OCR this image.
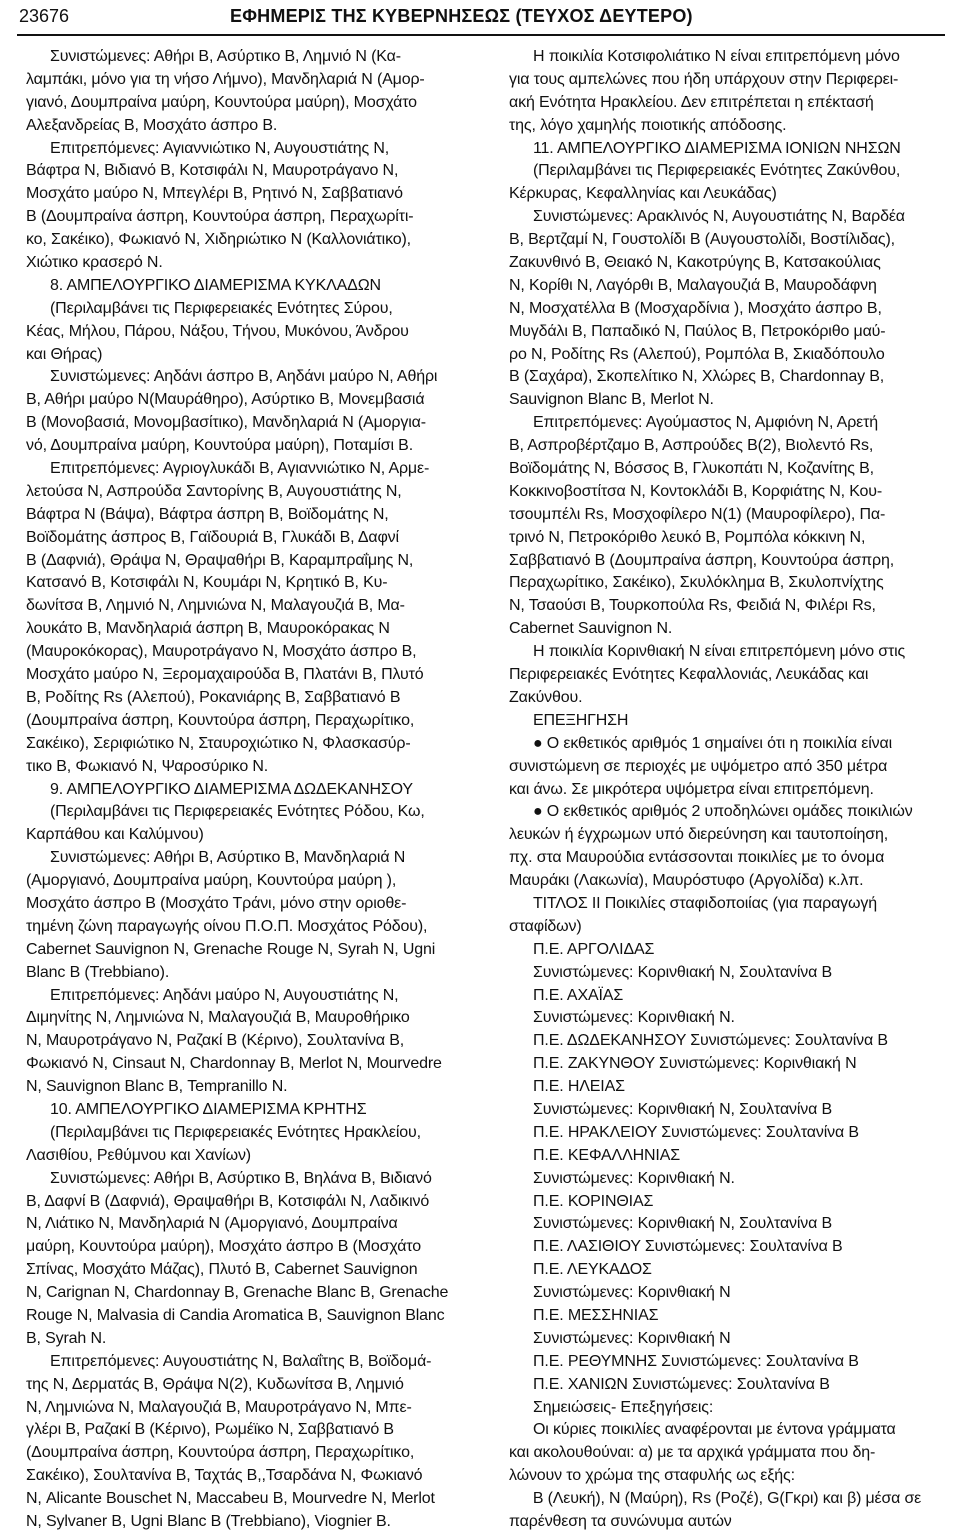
23676	ΕΦΗΜΕΡΙΣ ΤΗΣ ΚΥΒΕΡΝΗΣΕΩΣ (ΤΕΥΧΟΣ ΔΕΥΤΕΡΟ)
Συνιστώμενες: Αθήρι Β, Ασύρτικο Β, Λημνιό Ν (Κα-
λαμπάκι, μόνο για τη νήσο Λήμνο), Μανδηλαριά Ν (Αμορ-
γιανό, Δουμπραίνα μαύρη, Κουντούρα μαύρη), Μοσχάτο
Αλεξανδρείας Β, Μοσχάτο άσπρο Β.
Επιτρεπόμενες: Αγιαννιώτικο Ν, Αυγουστιάτης Ν,
Βάφτρα Ν, Βιδιανό Β, Κοτσιφάλι Ν, Μαυροτράγανο Ν,
Μοσχάτο μαύρο Ν, Μπεγλέρι Β, Ρητινό Ν, Σαββατιανό
Β (Δουμπραίνα άσπρη, Κουντούρα άσπρη, Περαχωρίτι-
κο, Σακέικο), Φωκιανό Ν, Χιδηριώτικο Ν (Καλλονιάτικο),
Χιώτικο κρασερό Ν.
8. ΑΜΠΕΛΟΥΡΓΙΚΟ ΔΙΑΜΕΡΙΣΜΑ ΚΥΚΛΑΔΩΝ
(Περιλαμβάνει τις Περιφερειακές Ενότητες Σύρου,
Κέας, Μήλου, Πάρου, Νάξου, Τήνου, Μυκόνου, Άνδρου
και Θήρας)
Συνιστώμενες: Αηδάνι άσπρο Β, Αηδάνι μαύρο Ν, Αθήρι
Β, Αθήρι μαύρο Ν(Μαυράθηρο), Ασύρτικο Β, Μονεμβασιά
Β (Μονοβασιά, Μονομβασίτικο), Μανδηλαριά Ν (Αμοργια-
νό, Δουμπραίνα μαύρη, Κουντούρα μαύρη), Ποταμίσι Β.
Επιτρεπόμενες: Αγριογλυκάδι Β, Αγιαννιώτικο Ν, Αρμε-
λετούσα Ν, Ασπρούδα Σαντορίνης Β, Αυγουστιάτης Ν,
Βάφτρα Ν (Βάψα), Βάφτρα άσπρη Β, Βοϊδομάτης Ν,
Βοϊδομάτης άσπρος Β, Γαϊδουριά Β, Γλυκάδι Β, Δαφνί
Β (Δαφνιά), Θράψα Ν, Θραψαθήρι Β, Καραμπραΐμης Ν,
Κατσανό Β, Κοτσιφάλι Ν, Κουμάρι Ν, Κρητικό Β, Κυ-
δωνίτσα Β, Λημνιό Ν, Λημνιώνα Ν, Μαλαγουζιά Β, Μα-
λουκάτο Β, Μανδηλαριά άσπρη Β, Μαυροκόρακας Ν
(Μαυροκόκορας), Μαυροτράγανο Ν, Μοσχάτο άσπρο Β,
Μοσχάτο μαύρο Ν, Ξερομαχαιρούδα Β, Πλατάνι Β, Πλυτό
Β, Ροδίτης Rs (Αλεπού), Ροκανιάρης Β, Σαββατιανό Β
(Δουμπραίνα άσπρη, Κουντούρα άσπρη, Περαχωρίτικο,
Σακέικο), Σεριφιώτικο Ν, Σταυροχιώτικο Ν, Φλασκασύρ-
τικο Β, Φωκιανό Ν, Ψαροσύρικο Ν.
9. ΑΜΠΕΛΟΥΡΓΙΚΟ ΔΙΑΜΕΡΙΣΜΑ ΔΩΔΕΚΑΝΗΣΟΥ
(Περιλαμβάνει τις Περιφερειακές Ενότητες Ρόδου, Κω,
Καρπάθου και Καλύμνου)
Συνιστώμενες: Αθήρι Β, Ασύρτικο Β, Μανδηλαριά Ν
(Αμοργιανό, Δουμπραίνα μαύρη, Κουντούρα μαύρη ),
Μοσχάτο άσπρο Β (Μοσχάτο Τράνι, μόνο στην οριοθε-
τημένη ζώνη παραγωγής οίνου Π.Ο.Π. Μοσχάτος Ρόδου),
Cabernet Sauvignon Ν, Grenache Rouge Ν, Syrah Ν, Ugni
Blanc Β (Trebbiano).
Επιτρεπόμενες: Αηδάνι μαύρο Ν, Αυγουστιάτης Ν,
Διμηνίτης Ν, Λημνιώνα Ν, Μαλαγουζιά Β, Μαυροθήρικο
Ν, Μαυροτράγανο Ν, Ραζακί Β (Κέρινο), Σουλτανίνα Β,
Φωκιανό Ν, Cinsaut Ν, Chardonnay Β, Merlot Ν, Mourvedre
Ν, Sauvignon Blanc Β, Tempranillo Ν.
10. ΑΜΠΕΛΟΥΡΓΙΚΟ ΔΙΑΜΕΡΙΣΜΑ ΚΡΗΤΗΣ
(Περιλαμβάνει τις Περιφερειακές Ενότητες Ηρακλείου,
Λασιθίου, Ρεθύμνου και Χανίων)
Συνιστώμενες: Αθήρι Β, Ασύρτικο Β, Βηλάνα Β, Βιδιανό
Β, Δαφνί Β (Δαφνιά), Θραψαθήρι Β, Κοτσιφάλι Ν, Λαδικινό
Ν, Λιάτικο Ν, Μανδηλαριά Ν (Αμοργιανό, Δουμπραίνα
μαύρη, Κουντούρα μαύρη), Μοσχάτο άσπρο Β (Μοσχάτο
Σπίνας, Μοσχάτο Μάζας), Πλυτό Β, Cabernet Sauvignon
Ν, Carignan Ν, Chardonnay Β, Grenache Blanc Β, Grenache
Rouge Ν, Malvasia di Candia Aromatica Β, Sauvignon Blanc
Β, Syrah Ν.
Επιτρεπόμενες: Αυγουστιάτης Ν, Βαλαΐτης Β, Βοϊδομά-
της Ν, Δερματάς Β, Θράψα Ν(2), Κυδωνίτσα Β, Λημνιό
Ν, Λημνιώνα Ν, Μαλαγουζιά Β, Μαυροτράγανο Ν, Μπε-
γλέρι Β, Ραζακί Β (Κέρινο), Ρωμέϊκο Ν, Σαββατιανό Β
(Δουμπραίνα άσπρη, Κουντούρα άσπρη, Περαχωρίτικο,
Σακέικο), Σουλτανίνα Β, Ταχτάς Β,,Τσαρδάνα Ν, Φωκιανό
Ν, Alicante Bouschet Ν, Maccabeu Β, Mourvedre Ν, Merlot
Ν, Sylvaner Β, Ugni Blanc Β (Trebbiano), Viognier Β.
Η ποικιλία Κοτσιφολιάτικο Ν είναι επιτρεπόμενη μόνο
για τους αμπελώνες που ήδη υπάρχουν στην Περιφερει-
ακή Ενότητα Ηρακλείου. Δεν επιτρέπεται η επέκτασή
της, λόγο χαμηλής ποιοτικής απόδοσης.
11. ΑΜΠΕΛΟΥΡΓΙΚΟ ΔΙΑΜΕΡΙΣΜΑ ΙΟΝΙΩΝ ΝΗΣΩΝ
(Περιλαμβάνει τις Περιφερειακές Ενότητες Ζακύνθου,
Κέρκυρας, Κεφαλληνίας και Λευκάδας)
Συνιστώμενες: Αρακλινός Ν, Αυγουστιάτης Ν, Βαρδέα
Β, Βερτζαμί Ν, Γουστολίδι Β (Αυγουστολίδι, Βοστίλιδας),
Ζακυνθινό Β, Θειακό Ν, Κακοτρύγης Β, Κατσακούλιας
Ν, Κορίθι Ν, Λαγόρθι Β, Μαλαγουζιά Β, Μαυροδάφνη
Ν, Μοσχατέλλα Β (Μοσχαρδίνια ), Μοσχάτο άσπρο Β,
Μυγδάλι Β, Παπαδικό Ν, Παύλος Β, Πετροκόριθο μαύ-
ρο Ν, Ροδίτης Rs (Αλεπού), Ρομπόλα Β, Σκιαδόπουλο
Β (Σαχάρα), Σκοπελίτικο Ν, Χλώρες Β, Chardonnay Β,
Sauvignon Blanc Β, Merlot Ν.
Επιτρεπόμενες: Αγούμαστος Ν, Αμφιόνη Ν, Αρετή
Β, Ασπροβέρτζαμο Β, Ασπρούδες Β(2), Βιολεντό Rs,
Βοϊδομάτης Ν, Βόσσος Β, Γλυκοπάτι Ν, Κοζανίτης Β,
Κοκκινοβοστίτσα Ν, Κοντοκλάδι Β, Κορφιάτης Ν, Κου-
τσουμπέλι Rs, Μοσχοφίλερο Ν(1) (Μαυροφίλερο), Πα-
τρινό Ν, Πετροκόριθο λευκό Β, Ρομπόλα κόκκινη Ν,
Σαββατιανό Β (Δουμπραίνα άσπρη, Κουντούρα άσπρη,
Περαχωρίτικο, Σακέικο), Σκυλόκλημα Β, Σκυλοπνίχτης
Ν, Τσαούσι Β, Τουρκοπούλα Rs, Φειδιά Ν, Φιλέρι Rs,
Cabernet Sauvignon Ν.
Η ποικιλία Κορινθιακή Ν είναι επιτρεπόμενη μόνο στις
Περιφερειακές Ενότητες Κεφαλλονιάς, Λευκάδας και
Ζακύνθου.
ΕΠΕΞΗΓΗΣΗ
● Ο εκθετικός αριθμός 1 σημαίνει ότι η ποικιλία είναι
συνιστώμενη σε περιοχές με υψόμετρο από 350 μέτρα
και άνω. Σε μικρότερα υψόμετρα είναι επιτρεπόμενη.
● Ο εκθετικός αριθμός 2 υποδηλώνει ομάδες ποικιλιών
λευκών ή έγχρωμων υπό διερεύνηση και ταυτοποίηση,
πχ. στα Μαυρούδια εντάσσονται ποικιλίες με το όνομα
Μαυράκι (Λακωνία), Μαυρόστυφο (Αργολίδα) κ.λπ.
ΤΙΤΛΟΣ ΙΙ Ποικιλίες σταφιδοποιίας (για παραγωγή
σταφίδων)
Π.Ε. ΑΡΓΟΛΙΔΑΣ
Συνιστώμενες: Κορινθιακή Ν, Σουλτανίνα Β
Π.Ε. ΑΧΑΪΑΣ
Συνιστώμενες: Κορινθιακή Ν.
Π.Ε. ΔΩΔΕΚΑΝΗΣΟΥ Συνιστώμενες: Σουλτανίνα Β
Π.Ε. ΖΑΚΥΝΘΟΥ Συνιστώμενες: Κορινθιακή Ν
Π.Ε. ΗΛΕΙΑΣ
Συνιστώμενες: Κορινθιακή Ν, Σουλτανίνα Β
Π.Ε. ΗΡΑΚΛΕΙΟΥ Συνιστώμενες: Σουλτανίνα Β
Π.Ε. ΚΕΦΑΛΛΗΝΙΑΣ
Συνιστώμενες: Κορινθιακή Ν.
Π.Ε. ΚΟΡΙΝΘΙΑΣ
Συνιστώμενες: Κορινθιακή Ν, Σουλτανίνα Β
Π.Ε. ΛΑΣΙΘΙΟΥ Συνιστώμενες: Σουλτανίνα Β
Π.Ε. ΛΕΥΚΑΔΟΣ
Συνιστώμενες: Κορινθιακή Ν
Π.Ε. ΜΕΣΣΗΝΙΑΣ
Συνιστώμενες: Κορινθιακή Ν
Π.Ε. ΡΕΘΥΜΝΗΣ Συνιστώμενες: Σουλτανίνα Β
Π.Ε. ΧΑΝΙΩΝ Συνιστώμενες: Σουλτανίνα Β
Σημειώσεις- Επεξηγήσεις:
Οι κύριες ποικιλίες αναφέρονται με έντονα γράμματα
και ακολουθούναι: α) με τα αρχικά γράμματα που δη-
λώνουν το χρώμα της σταφυλής ως εξής:
Β (Λευκή), Ν (Μαύρη), Rs (Ροζέ), G(Γκρι) και β) μέσα σε
παρένθεση τα συνώνυμα αυτών
